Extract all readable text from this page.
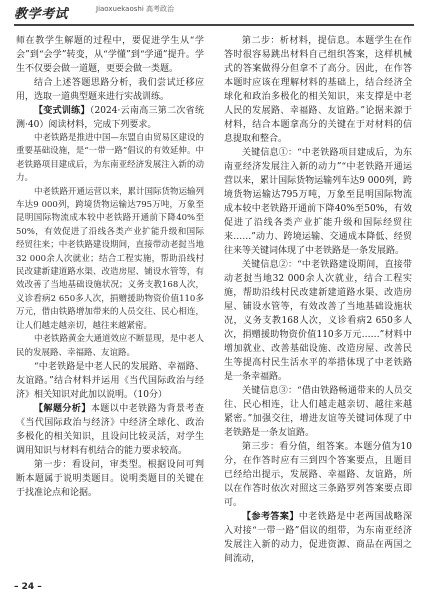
教学考试	Jiaoxuekaoshi 高考政治

师在教学生解题的过程中，要促进学生从“学会”到“会学”转变，从“学懂”到“学通”提升。学生不仅要会做一道题，更要会做一类题。

结合上述答题思路分析，我们尝试迁移应用，选取一道典型题来进行实战训练。

【变式训练】（2024·云南高三第二次省统测·40）阅读材料，完成下列要求。

中老铁路是推进中国—东盟自由贸易区建设的重要基础设施，是“一带一路”倡议的有效延伸。中老铁路项目建成后，为东南亚经济发展注入新的动力。

中老铁路开通运营以来，累计国际货物运输列车达9 000列，跨境货物运输达795万吨，万象至昆明国际物流成本较中老铁路开通前下降40%至50%，有效促进了沿线各类产业扩能升级和国际经贸往来；中老铁路建设期间，直接带动老挝当地32 000余人次就业；结合工程实施，帮助沿线村民改建新建道路水渠、改造房屋、铺设水管等，有效改善了当地基础设施状况；义务支教168人次，义诊看病2 650多人次，捐赠援助物资价值110多万元，借由铁路增加带来的人员交往、民心相连，让人们越走越亲切，越往来越紧密。

中老铁路黄金大通道效应不断显现，是中老人民的发展路、幸福路、友谊路。

“中老铁路是中老人民的发展路、幸福路、友谊路。”结合材料并运用《当代国际政治与经济》相关知识对此加以说明。（10分）

【解题分析】本题以中老铁路为背景考查《当代国际政治与经济》中经济全球化、政治多极化的相关知识，且设问比较灵活，对学生调用知识与材料有机结合的能力要求较高。

第一步：看设问，审类型。根据设问可判断本题属于说明类题目。说明类题目的关键在于找准论点和论据。

第二步：析材料，提信息。本题学生在作答时很容易跳出材料自己组织答案，这样机械式的答案做得分但拿不了高分。因此，在作答本题时应该在理解材料的基础上，结合经济全球化和政治多极化的相关知识，来支撑是中老人民的发展路、幸福路、友谊路。”论据来源于材料，结合本题拿高分的关键在于对材料的信息提取和整合。

关键信息①：“中老铁路项目建成后，为东南亚经济发展注入新的动力”“中老铁路开通运营以来，累计国际货物运输列车达9 000列，跨境货物运输达795万吨，万象至昆明国际物流成本较中老铁路开通前下降40%至50%，有效促进了沿线各类产业扩能升级和国际经贸往来……”动力、跨境运输、交通成本降低、经贸往来等关键词体现了中老铁路是一条发展路。

关键信息②：“中老铁路建设期间，直接带动老挝当地32 000余人次就业，结合工程实施，帮助沿线村民改建新建道路水渠、改造房屋、铺设水管等，有效改善了当地基础设施状况，义务支教168人次，义诊看病2 650多人次，捐赠援助物资价值110多万元……”材料中增加就业、改善基础设施、改造房屋、改善民生等提高村民生活水平的举措体现了中老铁路是一条幸福路。

关键信息③：“借由铁路畅通带来的人员交往、民心相连，让人们越走越亲切、越往来越紧密。”加强交往，增进友谊等关键词体现了中老铁路是一条友谊路。

第三步：看分值，组答案。本题分值为10分，在作答时应有三到四个答案要点，且题目已经给出提示，发展路、幸福路、友谊路，所以在作答时依次对照这三条路罗列答案要点即可。

【参考答案】中老铁路是中老两国战略深入对接“一带一路”倡议的组带，为东南亚经济发展注入新的动力，促进资源、商品在两国之间流动，

– 24 –
